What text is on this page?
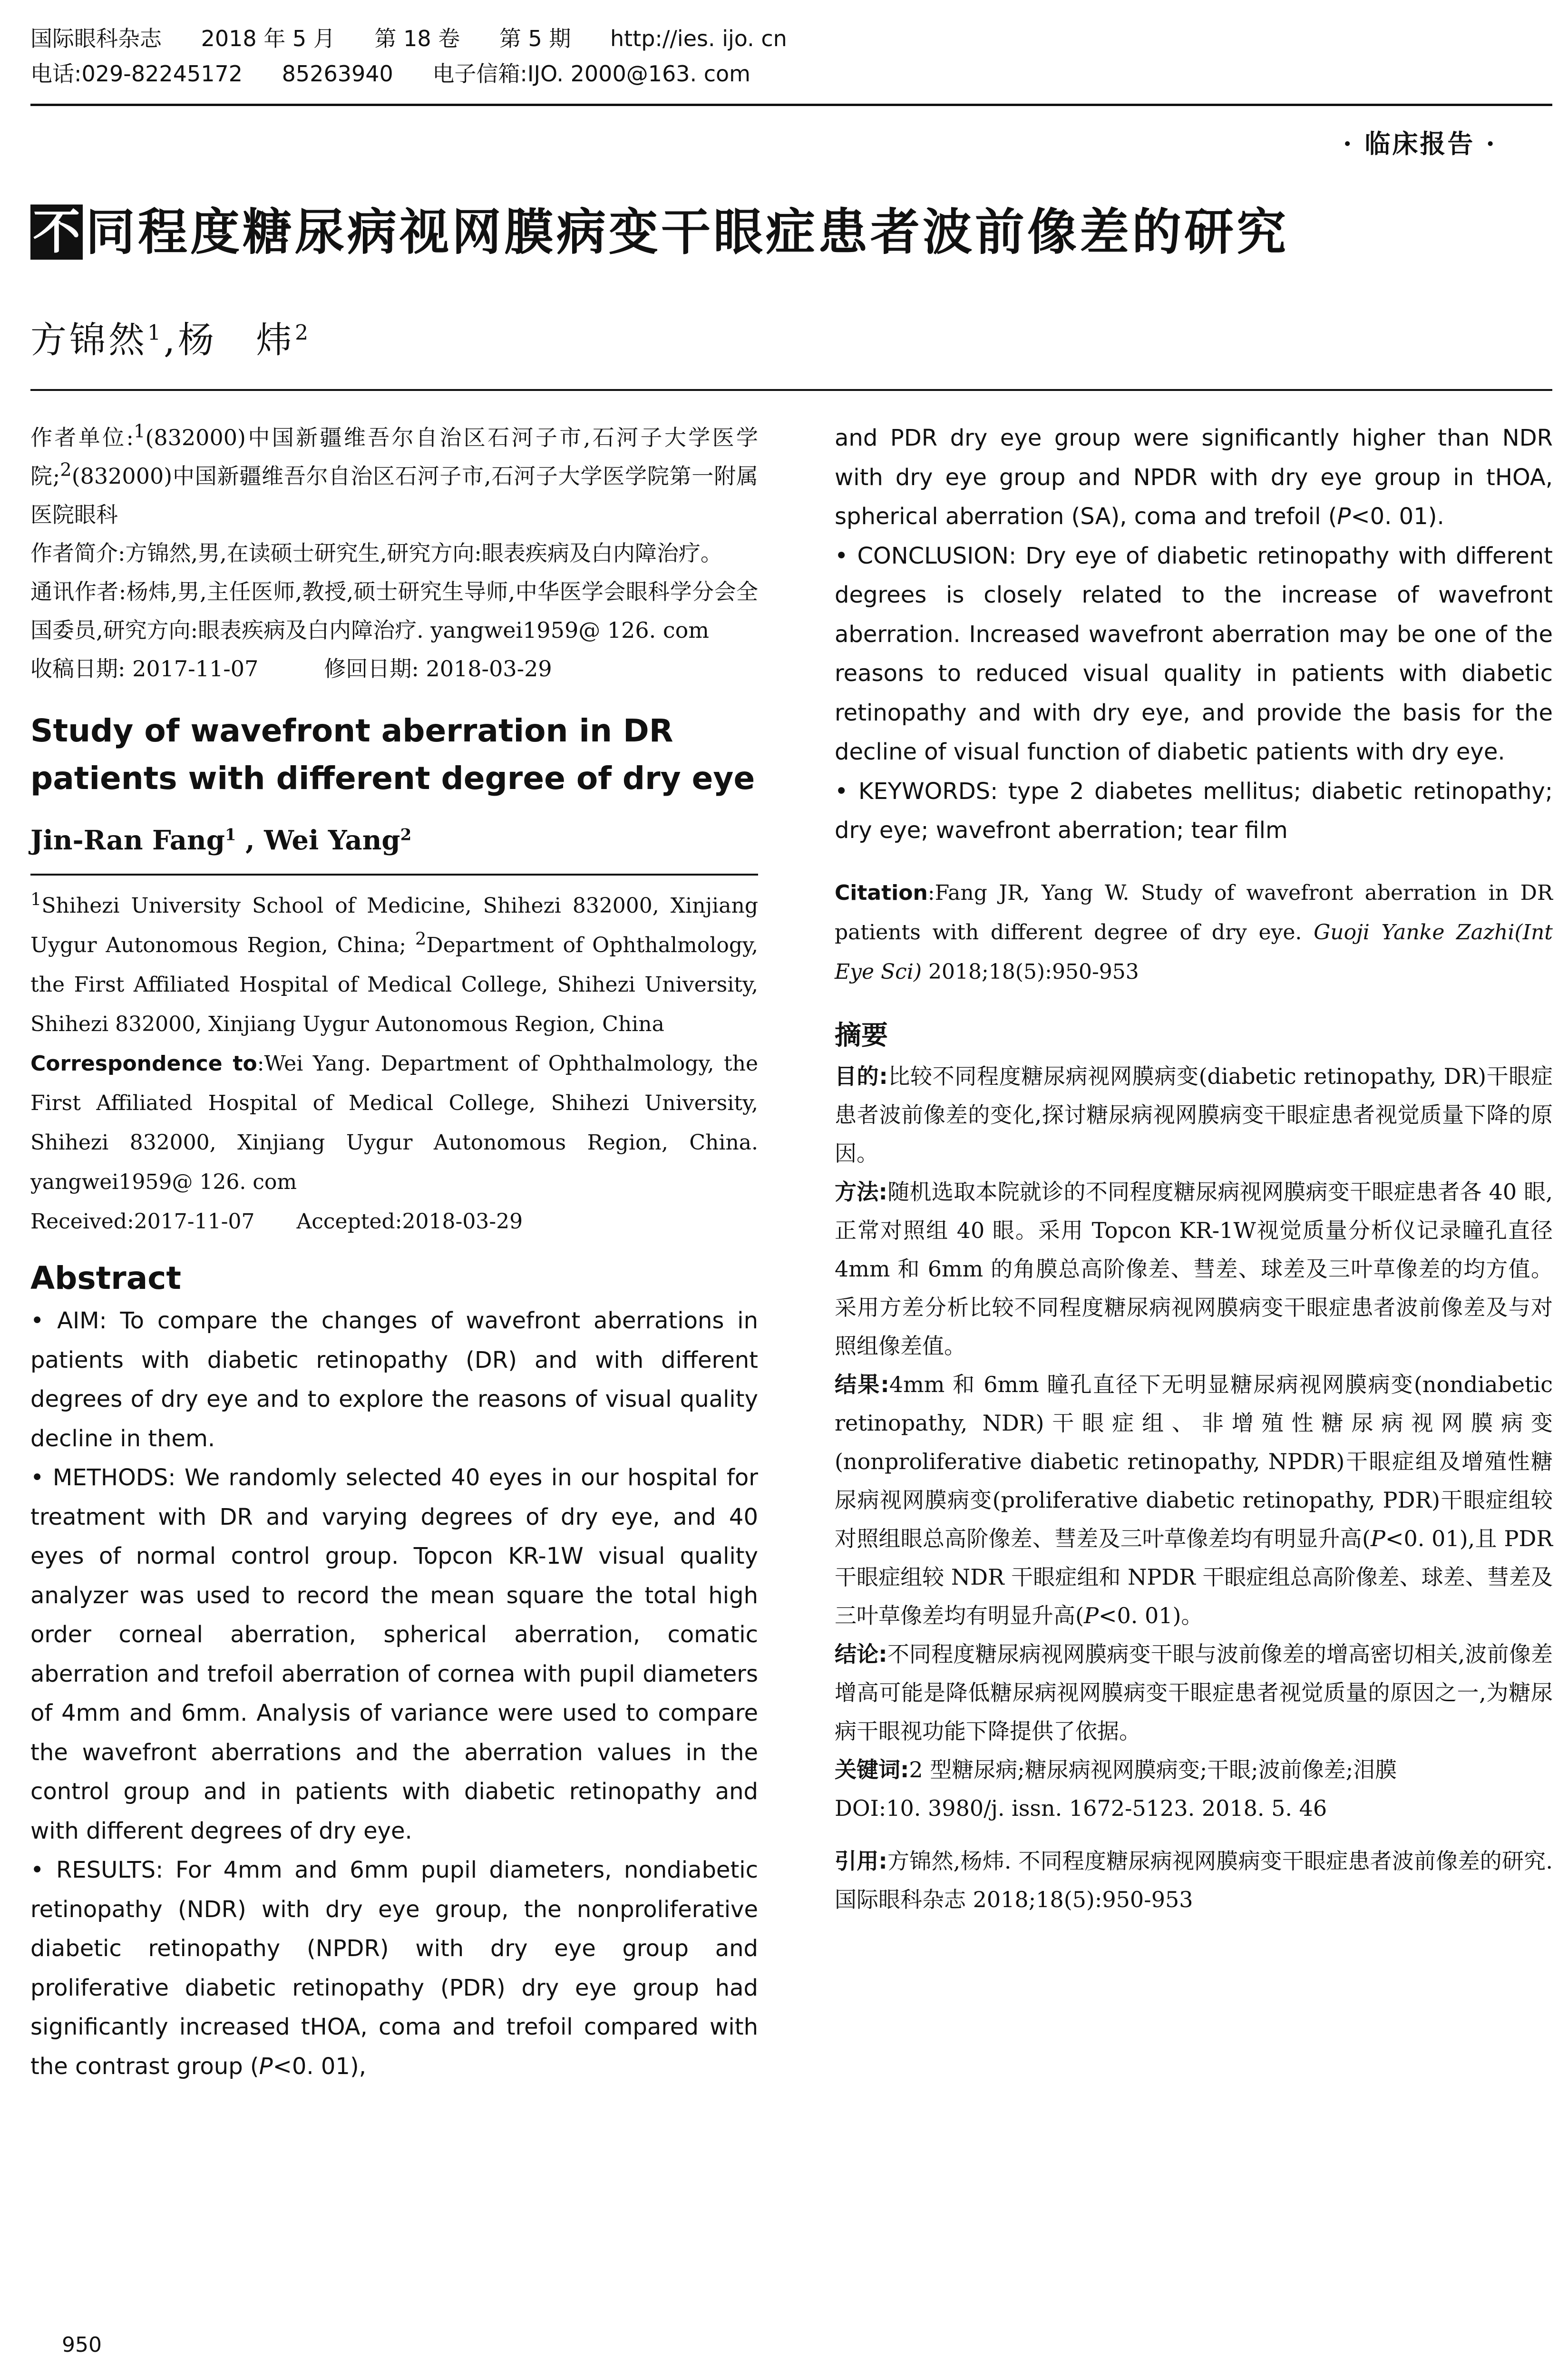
国际眼科杂志 2018 年 5 月 第 18 卷 第 5 期 http://ies. ijo. cn
电话:029-82245172 85263940 电子信箱:IJO. 2000@163. com
· 临床报告 ·
不 同程度糖尿病视网膜病变干眼症患者波前像差的研究
方锦然$^1$,杨　炜$^2$

作者单位:$^1$(832000)中国新疆维吾尔自治区石河子市,石河子大学医学院;$^2$(832000)中国新疆维吾尔自治区石河子市,石河子大学医学院第一附属医院眼科

作者简介:方锦然,男,在读硕士研究生,研究方向:眼表疾病及白内障治疗。

通讯作者:杨炜,男,主任医师,教授,硕士研究生导师,中华医学会眼科学分会全国委员,研究方向:眼表疾病及白内障治疗. yangwei1959@ 126. com

收稿日期: 2017-11-07　　　修回日期: 2018-03-29

Study of wavefront aberration in DR patients with different degree of dry eye
Jin-Ran Fang$^1$ , Wei Yang$^2$

$^1$Shihezi University School of Medicine, Shihezi 832000, Xinjiang Uygur Autonomous Region, China; $^2$Department of Ophthalmology, the First Affiliated Hospital of Medical College, Shihezi University, Shihezi 832000, Xinjiang Uygur Autonomous Region, China

Correspondence to:Wei Yang. Department of Ophthalmology, the First Affiliated Hospital of Medical College, Shihezi University, Shihezi 832000, Xinjiang Uygur Autonomous Region, China. yangwei1959@ 126. com

Received:2017-11-07　　Accepted:2018-03-29

Abstract

• AIM: To compare the changes of wavefront aberrations in patients with diabetic retinopathy (DR) and with different degrees of dry eye and to explore the reasons of visual quality decline in them.

• METHODS: We randomly selected 40 eyes in our hospital for treatment with DR and varying degrees of dry eye, and 40 eyes of normal control group. Topcon KR-1W visual quality analyzer was used to record the mean square the total high order corneal aberration, spherical aberration, comatic aberration and trefoil aberration of cornea with pupil diameters of 4mm and 6mm. Analysis of variance were used to compare the wavefront aberrations and the aberration values in the control group and in patients with diabetic retinopathy and with different degrees of dry eye.

• RESULTS: For 4mm and 6mm pupil diameters, nondiabetic retinopathy (NDR) with dry eye group, the nonproliferative diabetic retinopathy (NPDR) with dry eye group and proliferative diabetic retinopathy (PDR) dry eye group had significantly increased tHOA, coma and trefoil compared with the contrast group (P<0. 01),

and PDR dry eye group were significantly higher than NDR with dry eye group and NPDR with dry eye group in tHOA, spherical aberration (SA), coma and trefoil (P<0. 01).

• CONCLUSION: Dry eye of diabetic retinopathy with different degrees is closely related to the increase of wavefront aberration. Increased wavefront aberration may be one of the reasons to reduced visual quality in patients with diabetic retinopathy and with dry eye, and provide the basis for the decline of visual function of diabetic patients with dry eye.

• KEYWORDS: type 2 diabetes mellitus; diabetic retinopathy; dry eye; wavefront aberration; tear film

Citation:Fang JR, Yang W. Study of wavefront aberration in DR patients with different degree of dry eye. Guoji Yanke Zazhi(Int Eye Sci) 2018;18(5):950-953

摘要

目的:比较不同程度糖尿病视网膜病变(diabetic retinopathy, DR)干眼症患者波前像差的变化,探讨糖尿病视网膜病变干眼症患者视觉质量下降的原因。

方法:随机选取本院就诊的不同程度糖尿病视网膜病变干眼症患者各 40 眼,正常对照组 40 眼。采用 Topcon KR-1W视觉质量分析仪记录瞳孔直径 4mm 和 6mm 的角膜总高阶像差、彗差、球差及三叶草像差的均方值。采用方差分析比较不同程度糖尿病视网膜病变干眼症患者波前像差及与对照组像差值。

结果:4mm 和 6mm 瞳孔直径下无明显糖尿病视网膜病变(nondiabetic retinopathy, NDR)干眼症组、非增殖性糖尿病视网膜病变(nonproliferative diabetic retinopathy, NPDR)干眼症组及增殖性糖尿病视网膜病变(proliferative diabetic retinopathy, PDR)干眼症组较对照组眼总高阶像差、彗差及三叶草像差均有明显升高(P<0. 01),且 PDR 干眼症组较 NDR 干眼症组和 NPDR 干眼症组总高阶像差、球差、彗差及三叶草像差均有明显升高(P<0. 01)。

结论:不同程度糖尿病视网膜病变干眼与波前像差的增高密切相关,波前像差增高可能是降低糖尿病视网膜病变干眼症患者视觉质量的原因之一,为糖尿病干眼视功能下降提供了依据。

关键词:2 型糖尿病;糖尿病视网膜病变;干眼;波前像差;泪膜

DOI:10. 3980/j. issn. 1672-5123. 2018. 5. 46

引用:方锦然,杨炜. 不同程度糖尿病视网膜病变干眼症患者波前像差的研究. 国际眼科杂志 2018;18(5):950-953

950
